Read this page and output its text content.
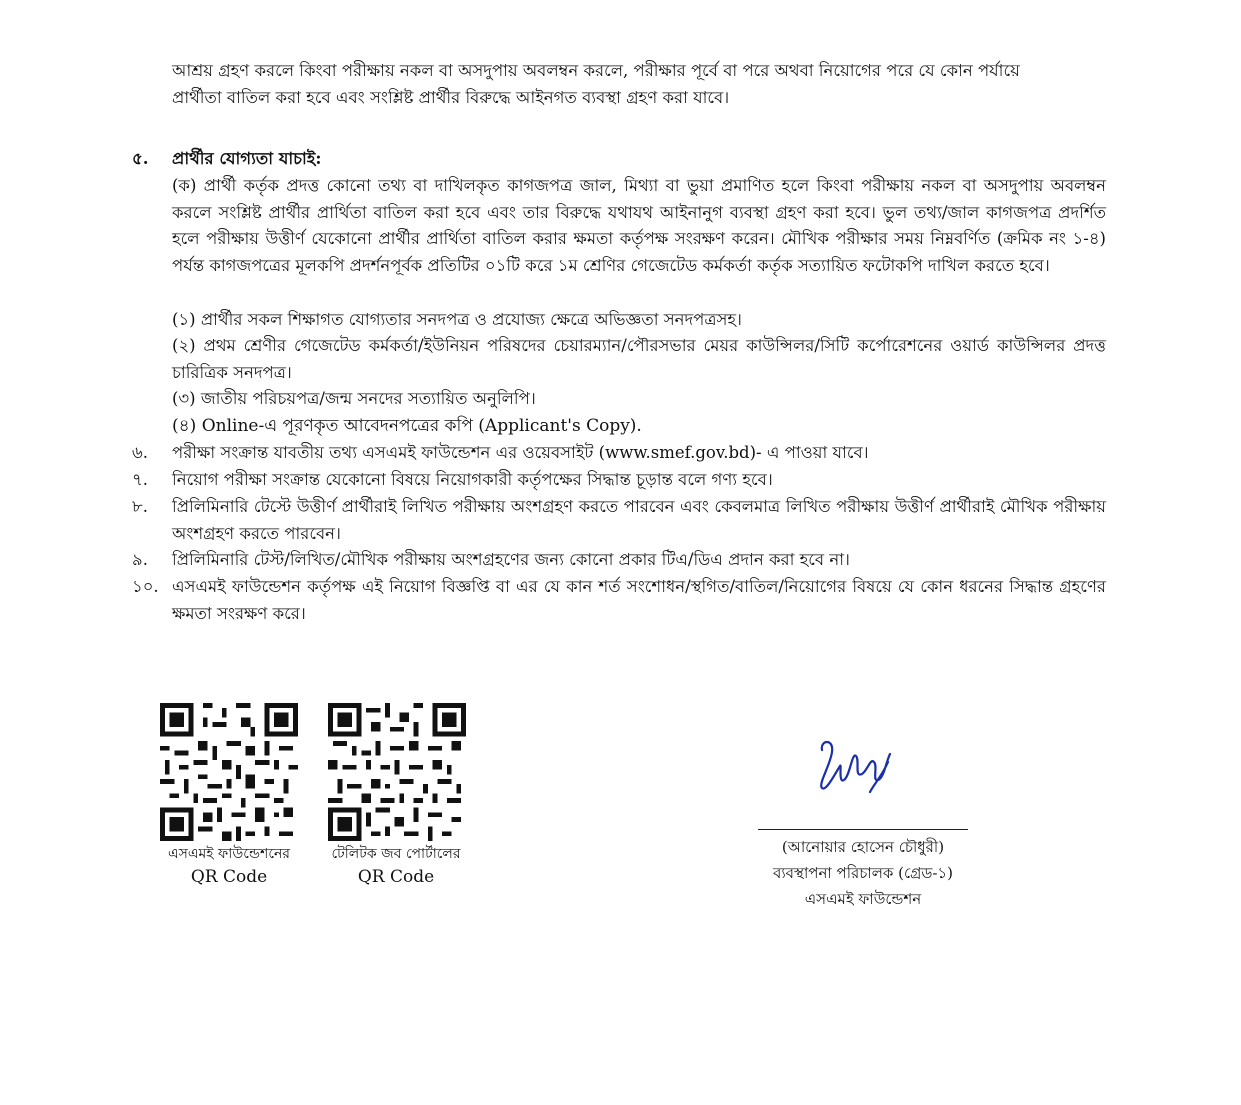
আশ্রয় গ্রহণ করলে কিংবা পরীক্ষায় নকল বা অসদুপায় অবলম্বন করলে, পরীক্ষার পূর্বে বা পরে অথবা নিয়োগের পরে যে কোন পর্যায়ে
প্রার্থীতা বাতিল করা হবে এবং সংশ্লিষ্ট প্রার্থীর বিরুদ্ধে আইনগত ব্যবস্থা গ্রহণ করা যাবে।
৫. প্রার্থীর যোগ্যতা যাচাই:
(ক) প্রার্থী কর্তৃক প্রদত্ত কোনো তথ্য বা দাখিলকৃত কাগজপত্র জাল, মিথ্যা বা ভুয়া প্রমাণিত হলে কিংবা পরীক্ষায় নকল বা অসদুপায় অবলম্বন করলে সংশ্লিষ্ট প্রার্থীর প্রার্থিতা বাতিল করা হবে এবং তার বিরুদ্ধে যথাযথ আইনানুগ ব্যবস্থা গ্রহণ করা হবে। ভুল তথ্য/জাল কাগজপত্র প্রদর্শিত হলে পরীক্ষায় উত্তীর্ণ যেকোনো প্রার্থীর প্রার্থিতা বাতিল করার ক্ষমতা কর্তৃপক্ষ সংরক্ষণ করেন। মৌখিক পরীক্ষার সময় নিম্নবর্ণিত (ক্রমিক নং ১-৪) পর্যন্ত কাগজপত্রের মূলকপি প্রদর্শনপূর্বক প্রতিটির ০১টি করে ১ম শ্রেণির গেজেটেড কর্মকর্তা কর্তৃক সত্যায়িত ফটোকপি দাখিল করতে হবে।
(১) প্রার্থীর সকল শিক্ষাগত যোগ্যতার সনদপত্র ও প্রযোজ্য ক্ষেত্রে অভিজ্ঞতা সনদপত্রসহ।
(২) প্রথম শ্রেণীর গেজেটেড কর্মকর্তা/ইউনিয়ন পরিষদের চেয়ারম্যান/পৌরসভার মেয়র কাউন্সিলর/সিটি কর্পোরেশনের ওয়ার্ড কাউন্সিলর প্রদত্ত চারিত্রিক সনদপত্র।
(৩) জাতীয় পরিচয়পত্র/জন্ম সনদের সত্যায়িত অনুলিপি।
(৪) Online-এ পূরণকৃত আবেদনপত্রের কপি (Applicant's Copy).
৬. পরীক্ষা সংক্রান্ত যাবতীয় তথ্য এসএমই ফাউন্ডেশন এর ওয়েবসাইট (www.smef.gov.bd)- এ পাওয়া যাবে।
৭. নিয়োগ পরীক্ষা সংক্রান্ত যেকোনো বিষয়ে নিয়োগকারী কর্তৃপক্ষের সিদ্ধান্ত চূড়ান্ত বলে গণ্য হবে।
৮. প্রিলিমিনারি টেস্টে উত্তীর্ণ প্রার্থীরাই লিখিত পরীক্ষায় অংশগ্রহণ করতে পারবেন এবং কেবলমাত্র লিখিত পরীক্ষায় উত্তীর্ণ প্রার্থীরাই মৌখিক পরীক্ষায় অংশগ্রহণ করতে পারবেন।
৯. প্রিলিমিনারি টেস্ট/লিখিত/মৌখিক পরীক্ষায় অংশগ্রহণের জন্য কোনো প্রকার টিএ/ডিএ প্রদান করা হবে না।
১০. এসএমই ফাউন্ডেশন কর্তৃপক্ষ এই নিয়োগ বিজ্ঞপ্তি বা এর যে কান শর্ত সংশোধন/স্থগিত/বাতিল/নিয়োগের বিষয়ে যে কোন ধরনের সিদ্ধান্ত গ্রহণের ক্ষমতা সংরক্ষণ করে।
এসএমই ফাউন্ডেশনের
QR Code
টেলিটক জব পোর্টালের
QR Code
(আনোয়ার হোসেন চৌধুরী)
ব্যবস্থাপনা পরিচালক (গ্রেড-১)
এসএমই ফাউন্ডেশন
